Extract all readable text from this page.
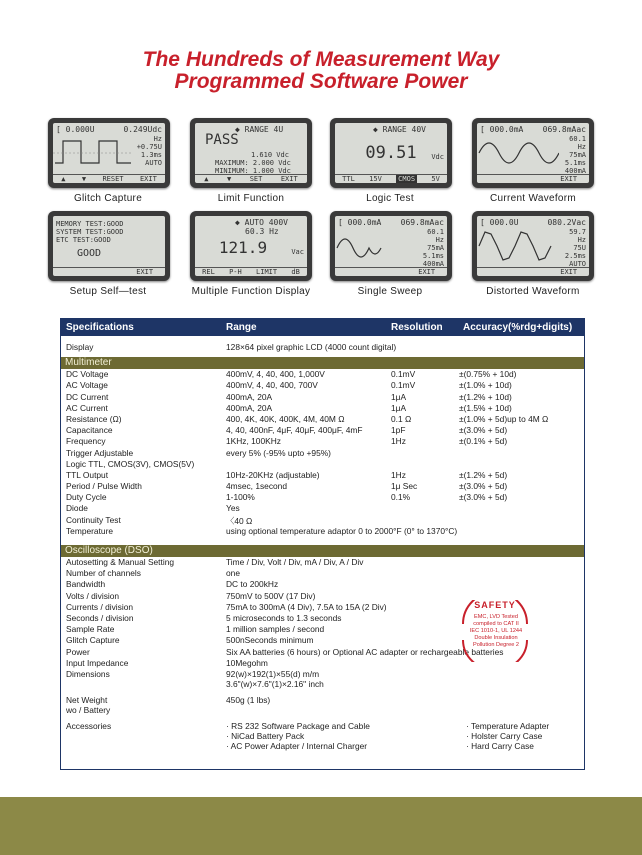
The Hundreds of Measurement Way
Programmed Software Power
[ 0.000U	0.249Udc
Hz
+0.75U
1.3ms
AUTO
▲ ▼ RESET EXIT
Glitch Capture
◆ RANGE 4U
PASS
1.610 Vdc
MAXIMUM: 2.000 Vdc
MINIMUM: 1.000 Vdc
▲	▼	SET	EXIT
Limit Function
◆ RANGE 40V
09.51	Vdc
TTL 15V CMOS 5V
Logic Test
[ 000.0mA 069.8mAac
60.1
Hz
75mA
5.1ms
400mA
EXIT
Current Waveform
MEMORY TEST:GOOD
SYSTEM TEST:GOOD
ETC TEST:GOOD
GOOD
EXIT
Setup Self—test
◆ AUTO 400V
60.3 Hz
121.9	Vac
REL P-H LIMIT dB
Multiple Function Display
[ 000.0mA 069.8mAac
60.1
Hz
75mA
5.1ms
400mA
EXIT
Single Sweep
[ 000.0U	080.2Vac
59.7
Hz
75U
2.5ms
AUTO
EXIT
Distorted Waveform
Specifications	Range	Resolution Accuracy(%rdg+digits)
Display	128×64 pixel graphic LCD (4000 count digital)
Multimeter
DC Voltage	400mV, 4, 40, 400, 1,000V	0.1mV	±(0.75% + 10d)
AC Voltage	400mV, 4, 40, 400, 700V	0.1mV	±(1.0% + 10d)
DC Current	400mA, 20A	1μA	±(1.2% + 10d)
AC Current	400mA, 20A	1μA	±(1.5% + 10d)
Resistance (Ω)	400, 4K, 40K, 400K, 4M, 40M Ω	0.1 Ω	±(1.0% + 5d)up to 4M Ω
Capacitance	4, 40, 400nF, 4μF, 40μF, 400μF, 4mF	1pF	±(3.0% + 5d)
Frequency	1KHz, 100KHz	1Hz	±(0.1% + 5d)
Trigger Adjustable	every 5% (-95% upto +95%)
Logic TTL, CMOS(3V), CMOS(5V)
TTL Output	10Hz-20KHz (adjustable)	1Hz	±(1.2% + 5d)
Period / Pulse Width	4msec, 1second	1μ Sec	±(3.0% + 5d)
Duty Cycle	1-100%	0.1%	±(3.0% + 5d)
Diode	Yes
Continuity Test	〈40 Ω
Temperature	using optional temperature adaptor 0 to 2000°F (0° to 1370°C)
Oscilloscope (DSO)
Autosetting & Manual Setting	Time / Div, Volt / Div, mA / Div, A / Div
Number of channels	one
Bandwidth	DC to 200kHz
Volts / division	750mV to 500V (17 Div)
Currents / division	75mA to 300mA (4 Div), 7.5A to 15A (2 Div)
Seconds / division	5 microseconds to 1.3 seconds
Sample Rate	1 million samples / second
Glitch Capture	500nSeconds minimum
Power	Six AA batteries (6 hours) or Optional AC adapter or rechargeable batteries
Input Impedance	10Megohm
Dimensions	92(w)×192(1)×55(d) m/m
3.6"(w)×7.6"(1)×2.16" inch
Net Weight
wo / Battery
450g (1 lbs)
Accessories	· RS 232 Software Package and Cable
· NiCad Battery Pack
· AC Power Adapter / Internal Charger
· Temperature Adapter
· Holster Carry Case
· Hard Carry Case
SAFETY
EMC, LVD Tested
compiled to CAT II
IEC 1010-1, UL 1244
Double Insulation
Pollution Degree 2
